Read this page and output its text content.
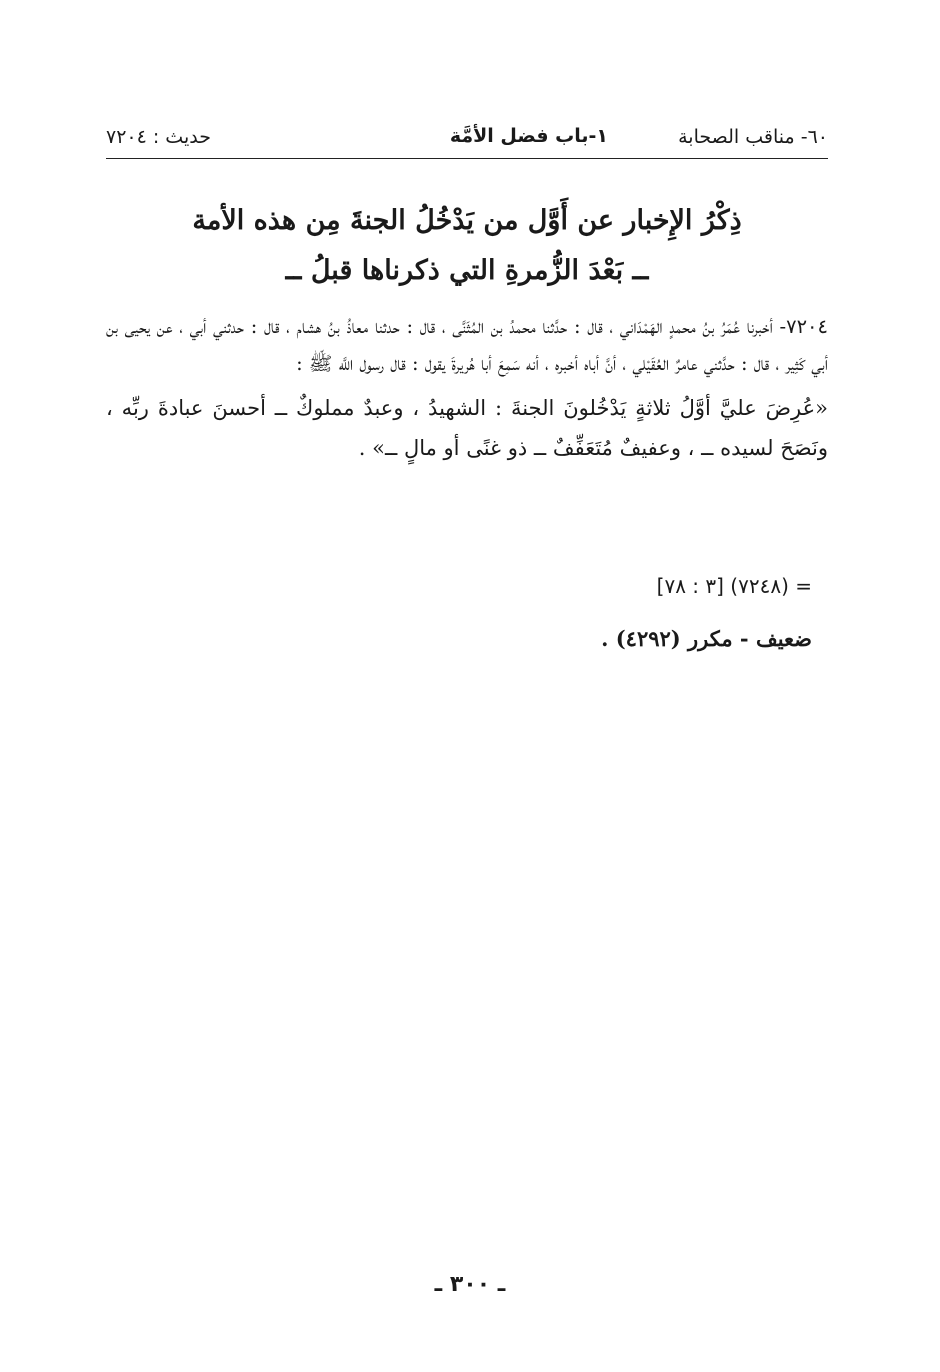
٦٠- مناقب الصحابة
١-باب فضل الأمَّة
حديث : ٧٢٠٤
ذِكْرُ الإِخبار عن أَوَّل من يَدْخُلُ الجنةَ مِن هذه الأمة
ــ بَعْدَ الزُّمرةِ التي ذكرناها قبلُ ــ

٧٢٠٤- أخبرنا عُمَرُ بنُ محمدٍ الهَمْدَاني ، قال : حدَّثنا محمدُ بن المُثَنَّى ، قال : حدثنا معاذُ بنُ هشام ، قال : حدثني أبي ، عن يحيى بن أبي كَثِير ، قال : حدَّثني عامرٌ العُقَيْلي ، أنَّ أباه أخبره ، أنه سَمِعَ أبا هُريرةَ يقول : قال رسول اللَّه ﷺ :

«عُرِضَ عليَّ أوَّلُ ثلاثةٍ يَدْخُلونَ الجنةَ : الشهيدُ ، وعبدٌ مملوكٌ ــ أحسنَ عبادةَ ربِّه ، ونَصَحَ لسيده ــ ، وعفيفٌ مُتَعَفِّفٌ ــ ذو غنًى أو مالٍ ــ» .

= (٧٢٤٨) [٣ : ٧٨]
ضعيف - مكرر (٤٢٩٢) .
ـ ٣٠٠ ـ
